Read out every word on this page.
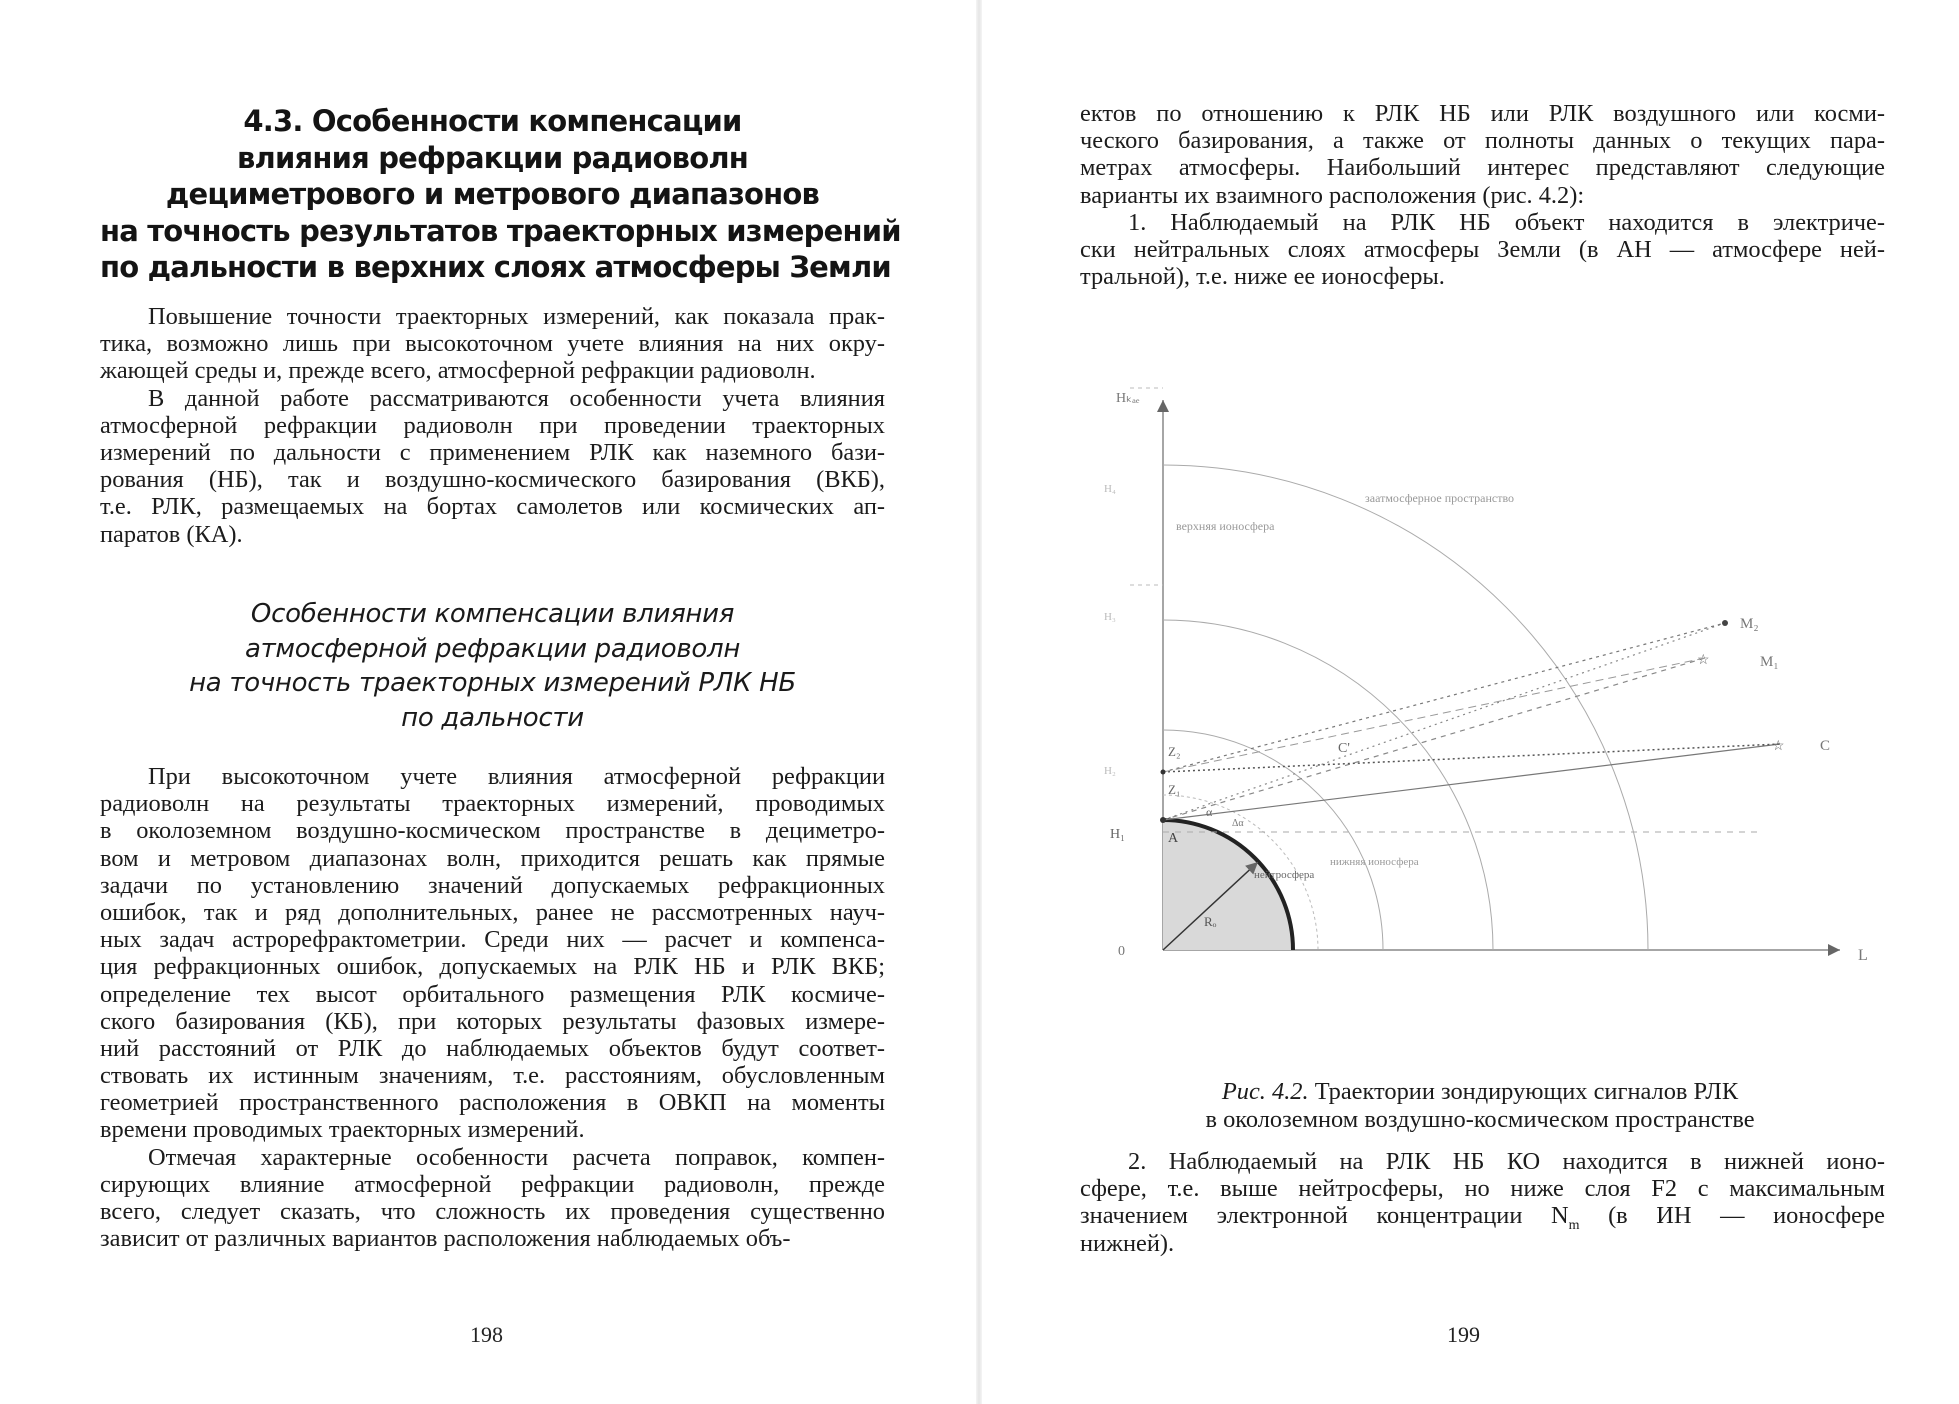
4.3. Особенности компенсации
влияния рефракции радиоволн
дециметрового и метрового диапазонов
на точность результатов траекторных измерений
по дальности в верхних слоях атмосферы Земли
Повышение точности траекторных измерений, как показала прак-
тика, возможно лишь при высокоточном учете влияния на них окру-
жающей среды и, прежде всего, атмосферной рефракции радиоволн.
В данной работе рассматриваются особенности учета влияния
атмосферной рефракции радиоволн при проведении траекторных
измерений по дальности с применением РЛК как наземного бази-
рования (НБ), так и воздушно-космического базирования (ВКБ),
т.е. РЛК, размещаемых на бортах самолетов или космических ап-
паратов (КА).
Особенности компенсации влияния
атмосферной рефракции радиоволн
на точность траекторных измерений РЛК НБ
по дальности
При высокоточном учете влияния атмосферной рефракции
радиоволн на результаты траекторных измерений, проводимых
в околоземном воздушно-космическом пространстве в дециметро-
вом и метровом диапазонах волн, приходится решать как прямые
задачи по установлению значений допускаемых рефракционных
ошибок, так и ряд дополнительных, ранее не рассмотренных науч-
ных задач астрорефрактометрии. Среди них — расчет и компенса-
ция рефракционных ошибок, допускаемых на РЛК НБ и РЛК ВКБ;
определение тех высот орбитального размещения РЛК космиче-
ского базирования (КБ), при которых результаты фазовых измере-
ний расстояний от РЛК до наблюдаемых объектов будут соответ-
ствовать их истинным значениям, т.е. расстояниям, обусловленным
геометрией пространственного расположения в ОВКП на моменты
времени проводимых траекторных измерений.
Отмечая характерные особенности расчета поправок, компен-
сирующих влияние атмосферной рефракции радиоволн, прежде
всего, следует сказать, что сложность их проведения существенно
зависит от различных вариантов расположения наблюдаемых объ-
198
ектов по отношению к РЛК НБ или РЛК воздушного или косми-
ческого базирования, а также от полноты данных о текущих пара-
метрах атмосферы. Наибольший интерес представляют следующие
варианты их взаимного расположения (рис. 4.2):
1. Наблюдаемый на РЛК НБ объект находится в электриче-
ски нейтральных слоях атмосферы Земли (в АН — атмосфере ней-
тральной), т.е. ниже ее ионосферы.
☆
☆
Hₖₐₑ
L
0
H₁
H₂
H₃
H₄
заатмосферное пространство
верхняя ионосфера
нижняя ионосфера
нейтросфера
A
Rₒ
Z₁
Z₂
α
Δα
M₂
M₁
C
C'
Рис. 4.2. Траектории зондирующих сигналов РЛК
в околоземном воздушно-космическом пространстве
2. Наблюдаемый на РЛК НБ КО находится в нижней ионо-
сфере, т.е. выше нейтросферы, но ниже слоя F2 с максимальным
значением электронной концентрации $N_m$ (в ИН — ионосфере
нижней).
199
